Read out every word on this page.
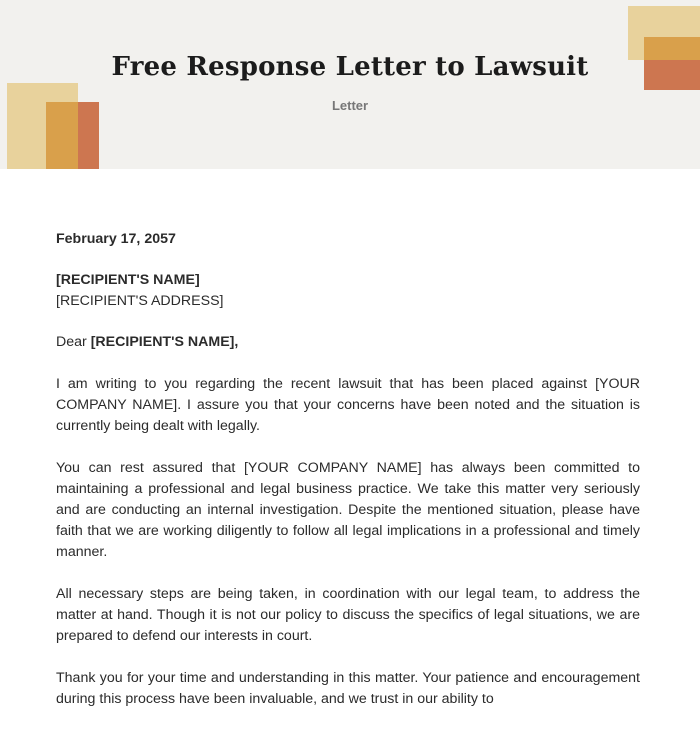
Free Response Letter to Lawsuit
Letter

February 17, 2057

[RECIPIENT'S NAME]

[RECIPIENT'S ADDRESS]

Dear [RECIPIENT'S NAME],

I am writing to you regarding the recent lawsuit that has been placed against [YOUR COMPANY NAME]. I assure you that your concerns have been noted and the situation is currently being dealt with legally.

You can rest assured that [YOUR COMPANY NAME] has always been committed to maintaining a professional and legal business practice. We take this matter very seriously and are conducting an internal investigation. Despite the mentioned situation, please have faith that we are working diligently to follow all legal implications in a professional and timely manner.

All necessary steps are being taken, in coordination with our legal team, to address the matter at hand. Though it is not our policy to discuss the specifics of legal situations, we are prepared to defend our interests in court.

Thank you for your time and understanding in this matter. Your patience and encouragement during this process have been invaluable, and we trust in our ability to
